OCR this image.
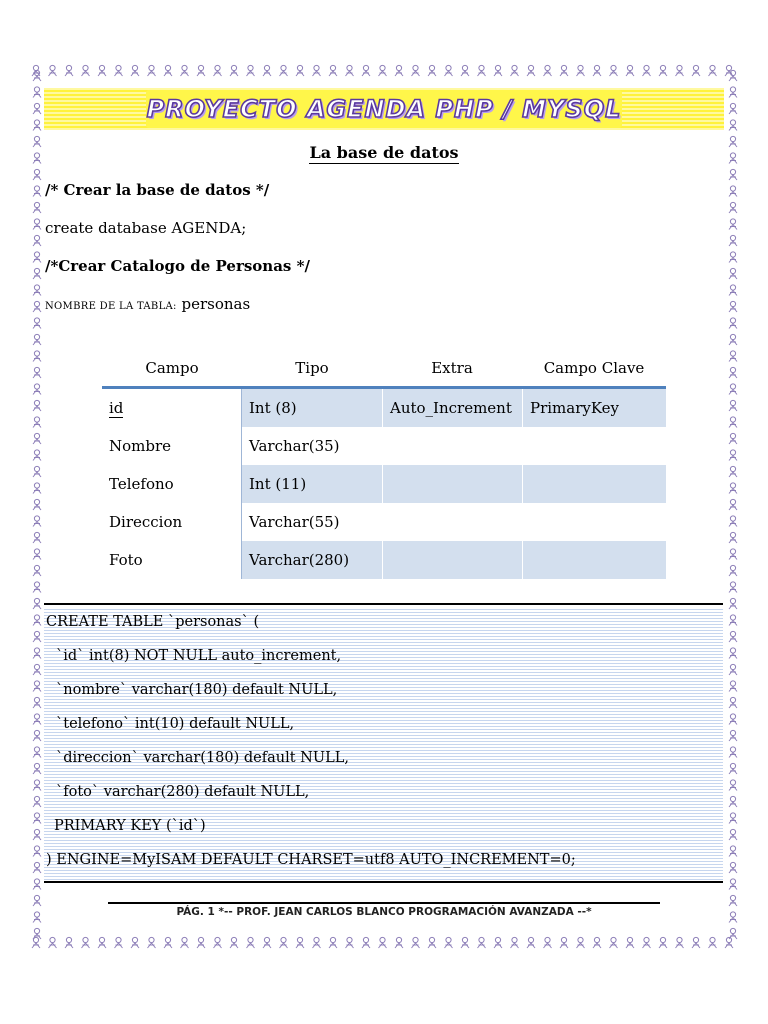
PROYECTO AGENDA PHP / MYSQL
La base de datos
/* Crear la base de datos */
create database AGENDA;
/*Crear Catalogo de Personas */
NOMBRE DE LA TABLA: personas
Campo	Tipo	Extra	Campo Clave
id	Int (8)	Auto_Increment	PrimaryKey
Nombre	Varchar(35)
Telefono	Int (11)
Direccion	Varchar(55)
Foto	Varchar(280)
CREATE TABLE `personas` (
`id` int(8) NOT NULL auto_increment,
`nombre` varchar(180) default NULL,
`telefono` int(10) default NULL,
`direccion` varchar(180) default NULL,
`foto` varchar(280) default NULL,
PRIMARY KEY (`id`)
) ENGINE=MyISAM DEFAULT CHARSET=utf8 AUTO_INCREMENT=0;
PÁG. 1 *-- PROF. JEAN CARLOS BLANCO PROGRAMACIÓN AVANZADA --*
